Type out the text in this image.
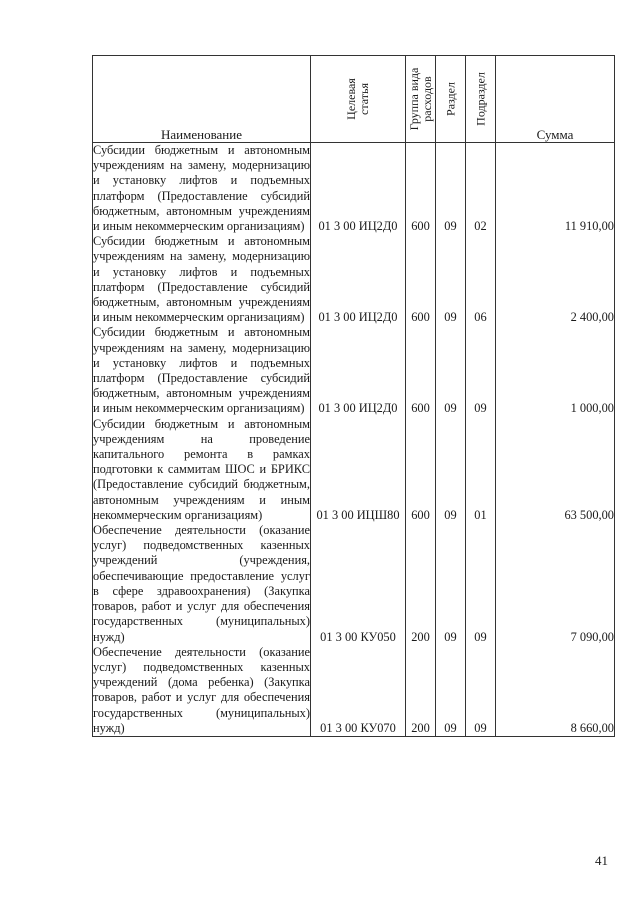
Наименование	Целевая статья	Группа вида расходов	Раздел	Подраздел	Сумма
Субсидии бюджетным и автономным учреждениям на замену, модернизацию и установку лифтов и подъемных платформ (Предоставление субсидий бюджетным, автономным учреждениям и иным некоммерческим организациям)	01 3 00 ИЦ2Д0	600	09	02	11 910,00
Субсидии бюджетным и автономным учреждениям на замену, модернизацию и установку лифтов и подъемных платформ (Предоставление субсидий бюджетным, автономным учреждениям и иным некоммерческим организациям)	01 3 00 ИЦ2Д0	600	09	06	2 400,00
Субсидии бюджетным и автономным учреждениям на замену, модернизацию и установку лифтов и подъемных платформ (Предоставление субсидий бюджетным, автономным учреждениям и иным некоммерческим организациям)	01 3 00 ИЦ2Д0	600	09	09	1 000,00
Субсидии бюджетным и автономным учреждениям на проведение капитального ремонта в рамках подготовки к саммитам ШОС и БРИКС (Предоставление субсидий бюджетным, автономным учреждениям и иным некоммерческим организациям)	01 3 00 ИЦШ80	600	09	01	63 500,00
Обеспечение деятельности (оказание услуг) подведомственных казенных учреждений (учреждения, обеспечивающие предоставление услуг в сфере здравоохранения) (Закупка товаров, работ и услуг для обеспечения государственных (муниципальных) нужд)	01 3 00 КУ050	200	09	09	7 090,00
Обеспечение деятельности (оказание услуг) подведомственных казенных учреждений (дома ребенка) (Закупка товаров, работ и услуг для обеспечения государственных (муниципальных) нужд)	01 3 00 КУ070	200	09	09	8 660,00
41
